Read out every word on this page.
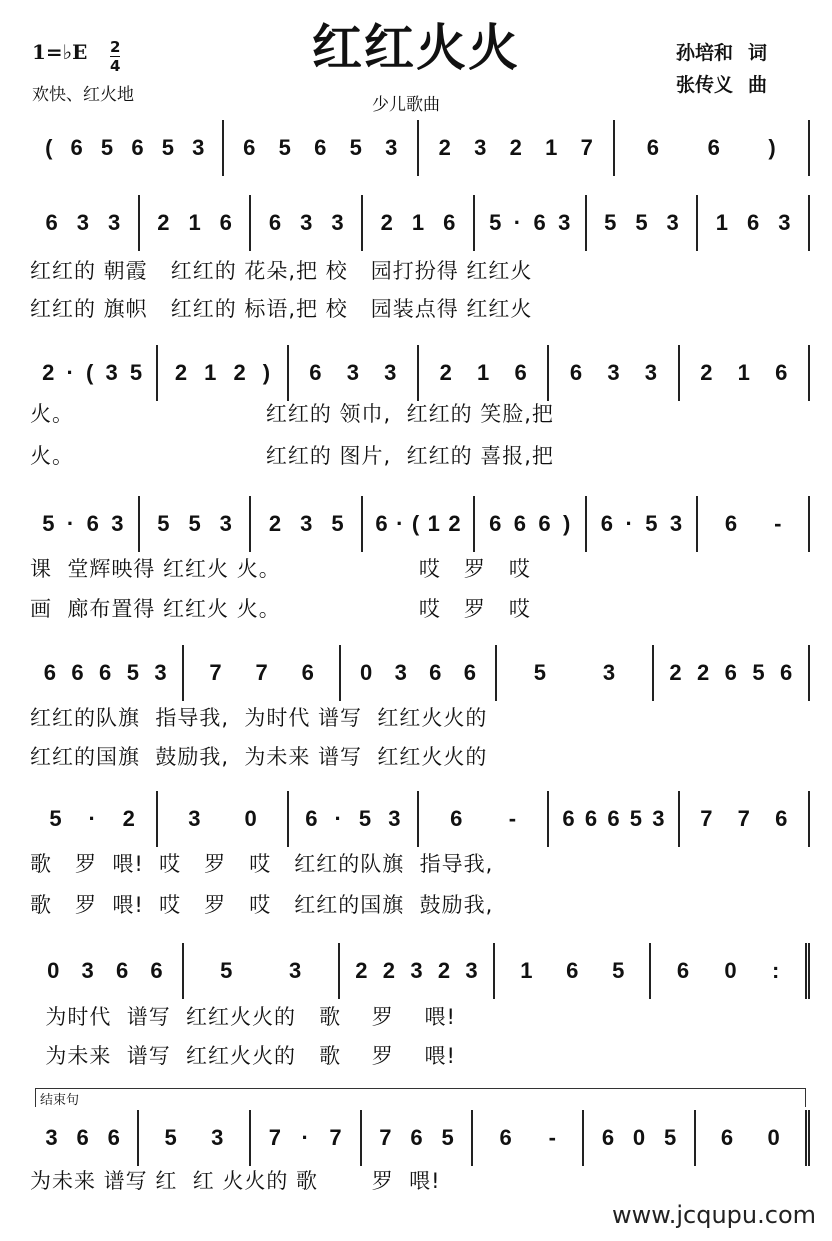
红红火火
1=♭E 2
4
欢快、红火地	少儿歌曲
孙培和 词
张传义 曲
结束句
( 6 5 6 5 3 6 5 6 5 3 2 3 2 1 7 6 6 )
6 3 3 2 1 6 6 3 3 2 1 6 5 · 6 3 5 5 3 1 6 3
红红的 朝霞   红红的 花朵,把 校   园打扮得 红红火
红红的 旗帜   红红的 标语,把 校   园装点得 红红火
2 · ( 3 5 2 1 2 ) 6 3 3 2 1 6 6 3 3 2 1 6
火。                         红红的 领巾,  红红的 笑脸,把
火。                         红红的 图片,  红红的 喜报,把
5 · 6 3 5 5 3 2 3 5 6 · ( 1 2 6 6 6 ) 6 · 5 3 6 -
课  堂辉映得 红红火 火。                  哎   罗   哎
画  廊布置得 红红火 火。                  哎   罗   哎
6 6 6 5 3 7 7 6 0 3 6 6	5	3 2 2 6 5 6
红红的队旗  指导我,  为时代 谱写  红红火火的
红红的国旗  鼓励我,  为未来 谱写  红红火火的
5 · 2 3 0 6 · 5 3 6 - 6 6 6 5 3 7 7 6
歌   罗  喂!  哎   罗   哎   红红的队旗  指导我,
歌   罗  喂!  哎   罗   哎   红红的国旗  鼓励我,
0 3 6 6	5	3 2 2 3 2 3 1 6 5 6 0 :
为时代  谱写  红红火火的   歌    罗    喂!
为未来  谱写  红红火火的   歌    罗    喂!
3 6 6 5 3 7 · 7 7 6 5 6 - 6 0 5 6 0
为未来 谱写 红  红 火火的 歌       罗  喂!
www.jcqupu.com
